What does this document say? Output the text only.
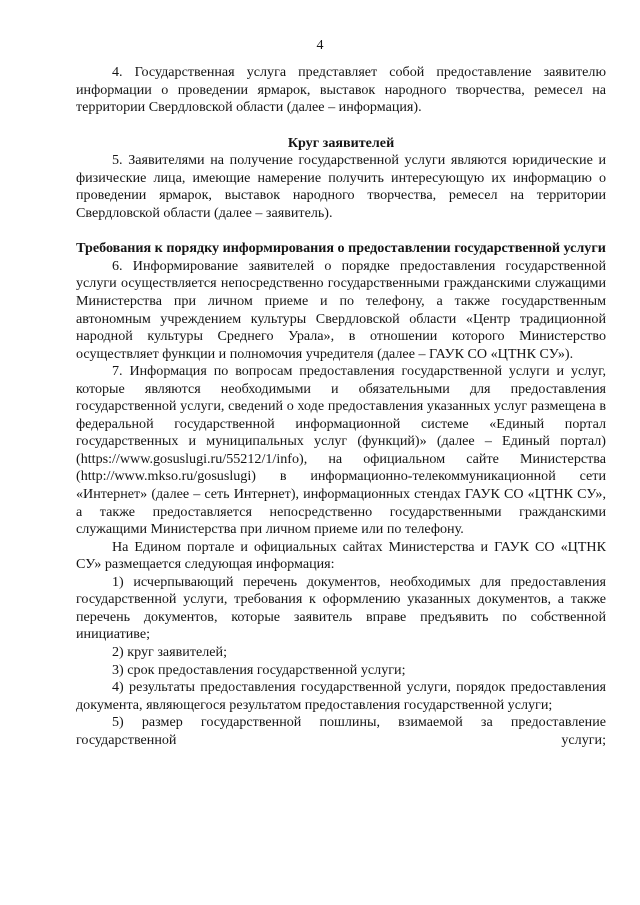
4

4. Государственная услуга представляет собой предоставление заявителю информации о проведении ярмарок, выставок народного творчества, ремесел на территории Свердловской области (далее – информация).

Круг заявителей

5. Заявителями на получение государственной услуги являются юридические и физические лица, имеющие намерение получить интересующую их информацию о проведении ярмарок, выставок народного творчества, ремесел на территории Свердловской области (далее – заявитель).

Требования к порядку информирования о предоставлении государственной услуги

6. Информирование заявителей о порядке предоставления государственной услуги осуществляется непосредственно государственными гражданскими служащими Министерства при личном приеме и по телефону, а также государственным автономным учреждением культуры Свердловской области «Центр традиционной народной культуры Среднего Урала», в отношении которого Министерство осуществляет функции и полномочия учредителя (далее – ГАУК СО «ЦТНК СУ»).

7. Информация по вопросам предоставления государственной услуги и услуг, которые являются необходимыми и обязательными для предоставления государственной услуги, сведений о ходе предоставления указанных услуг размещена в федеральной государственной информационной системе «Единый портал государственных и муниципальных услуг (функций)» (далее – Единый портал) (https://www.gosuslugi.ru/55212/1/info), на официальном сайте Министерства (http://www.mkso.ru/gosuslugi) в информационно-телекоммуникационной сети «Интернет» (далее – сеть Интернет), информационных стендах ГАУК СО «ЦТНК СУ», а также предоставляется непосредственно государственными гражданскими служащими Министерства при личном приеме или по телефону.

На Едином портале и официальных сайтах Министерства и ГАУК СО «ЦТНК СУ» размещается следующая информация:

1) исчерпывающий перечень документов, необходимых для предоставления государственной услуги, требования к оформлению указанных документов, а также перечень документов, которые заявитель вправе предъявить по собственной инициативе;

2) круг заявителей;

3) срок предоставления государственной услуги;

4) результаты предоставления государственной услуги, порядок предоставления документа, являющегося результатом предоставления государственной услуги;

5) размер государственной пошлины, взимаемой за предоставление государственной услуги;
